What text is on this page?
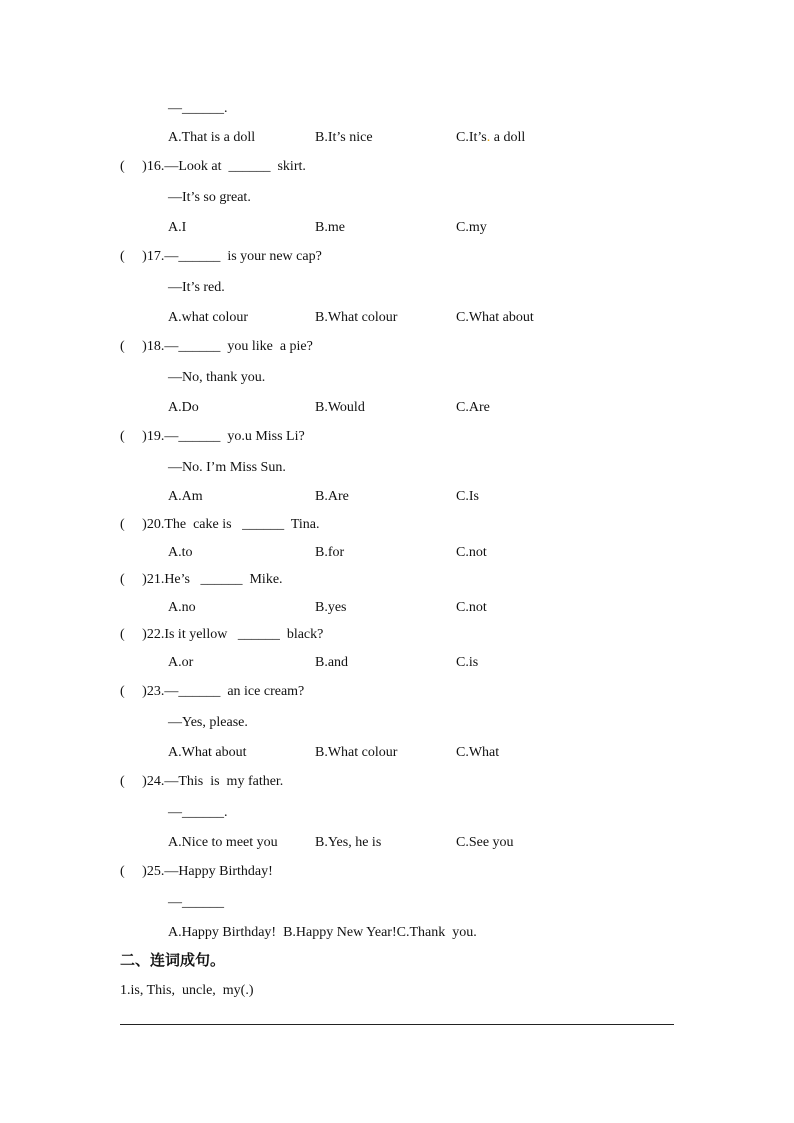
—______.
A.That is a doll	B.It’s nice	C.It’s. a doll
(     )16.—Look at  ______  skirt.
—It’s so great.
A.I	B.me	C.my
(     )17.—______  is your new cap?
—It’s red.
A.what colour	B.What colour	C.What about
(     )18.—______  you like  a pie?
—No, thank you.
A.Do	B.Would	C.Are
(     )19.—______  yo.u Miss Li?
—No. I’m Miss Sun.
A.Am	B.Are	C.Is
(     )20.The  cake is   ______  Tina.
A.to	B.for	C.not
(     )21.He’s   ______  Mike.
A.no	B.yes	C.not
(     )22.Is it yellow   ______  black?
A.or	B.and	C.is
(     )23.—______  an ice cream?
—Yes, please.
A.What about	B.What colour	C.What
(     )24.—This  is  my father.
—______.
A.Nice to meet you	B.Yes, he is	C.See you
(     )25.—Happy Birthday!
—______
A.Happy Birthday!  B.Happy New Year!C.Thank  you.
二、连词成句。
1.is, This,  uncle,  my(.)
